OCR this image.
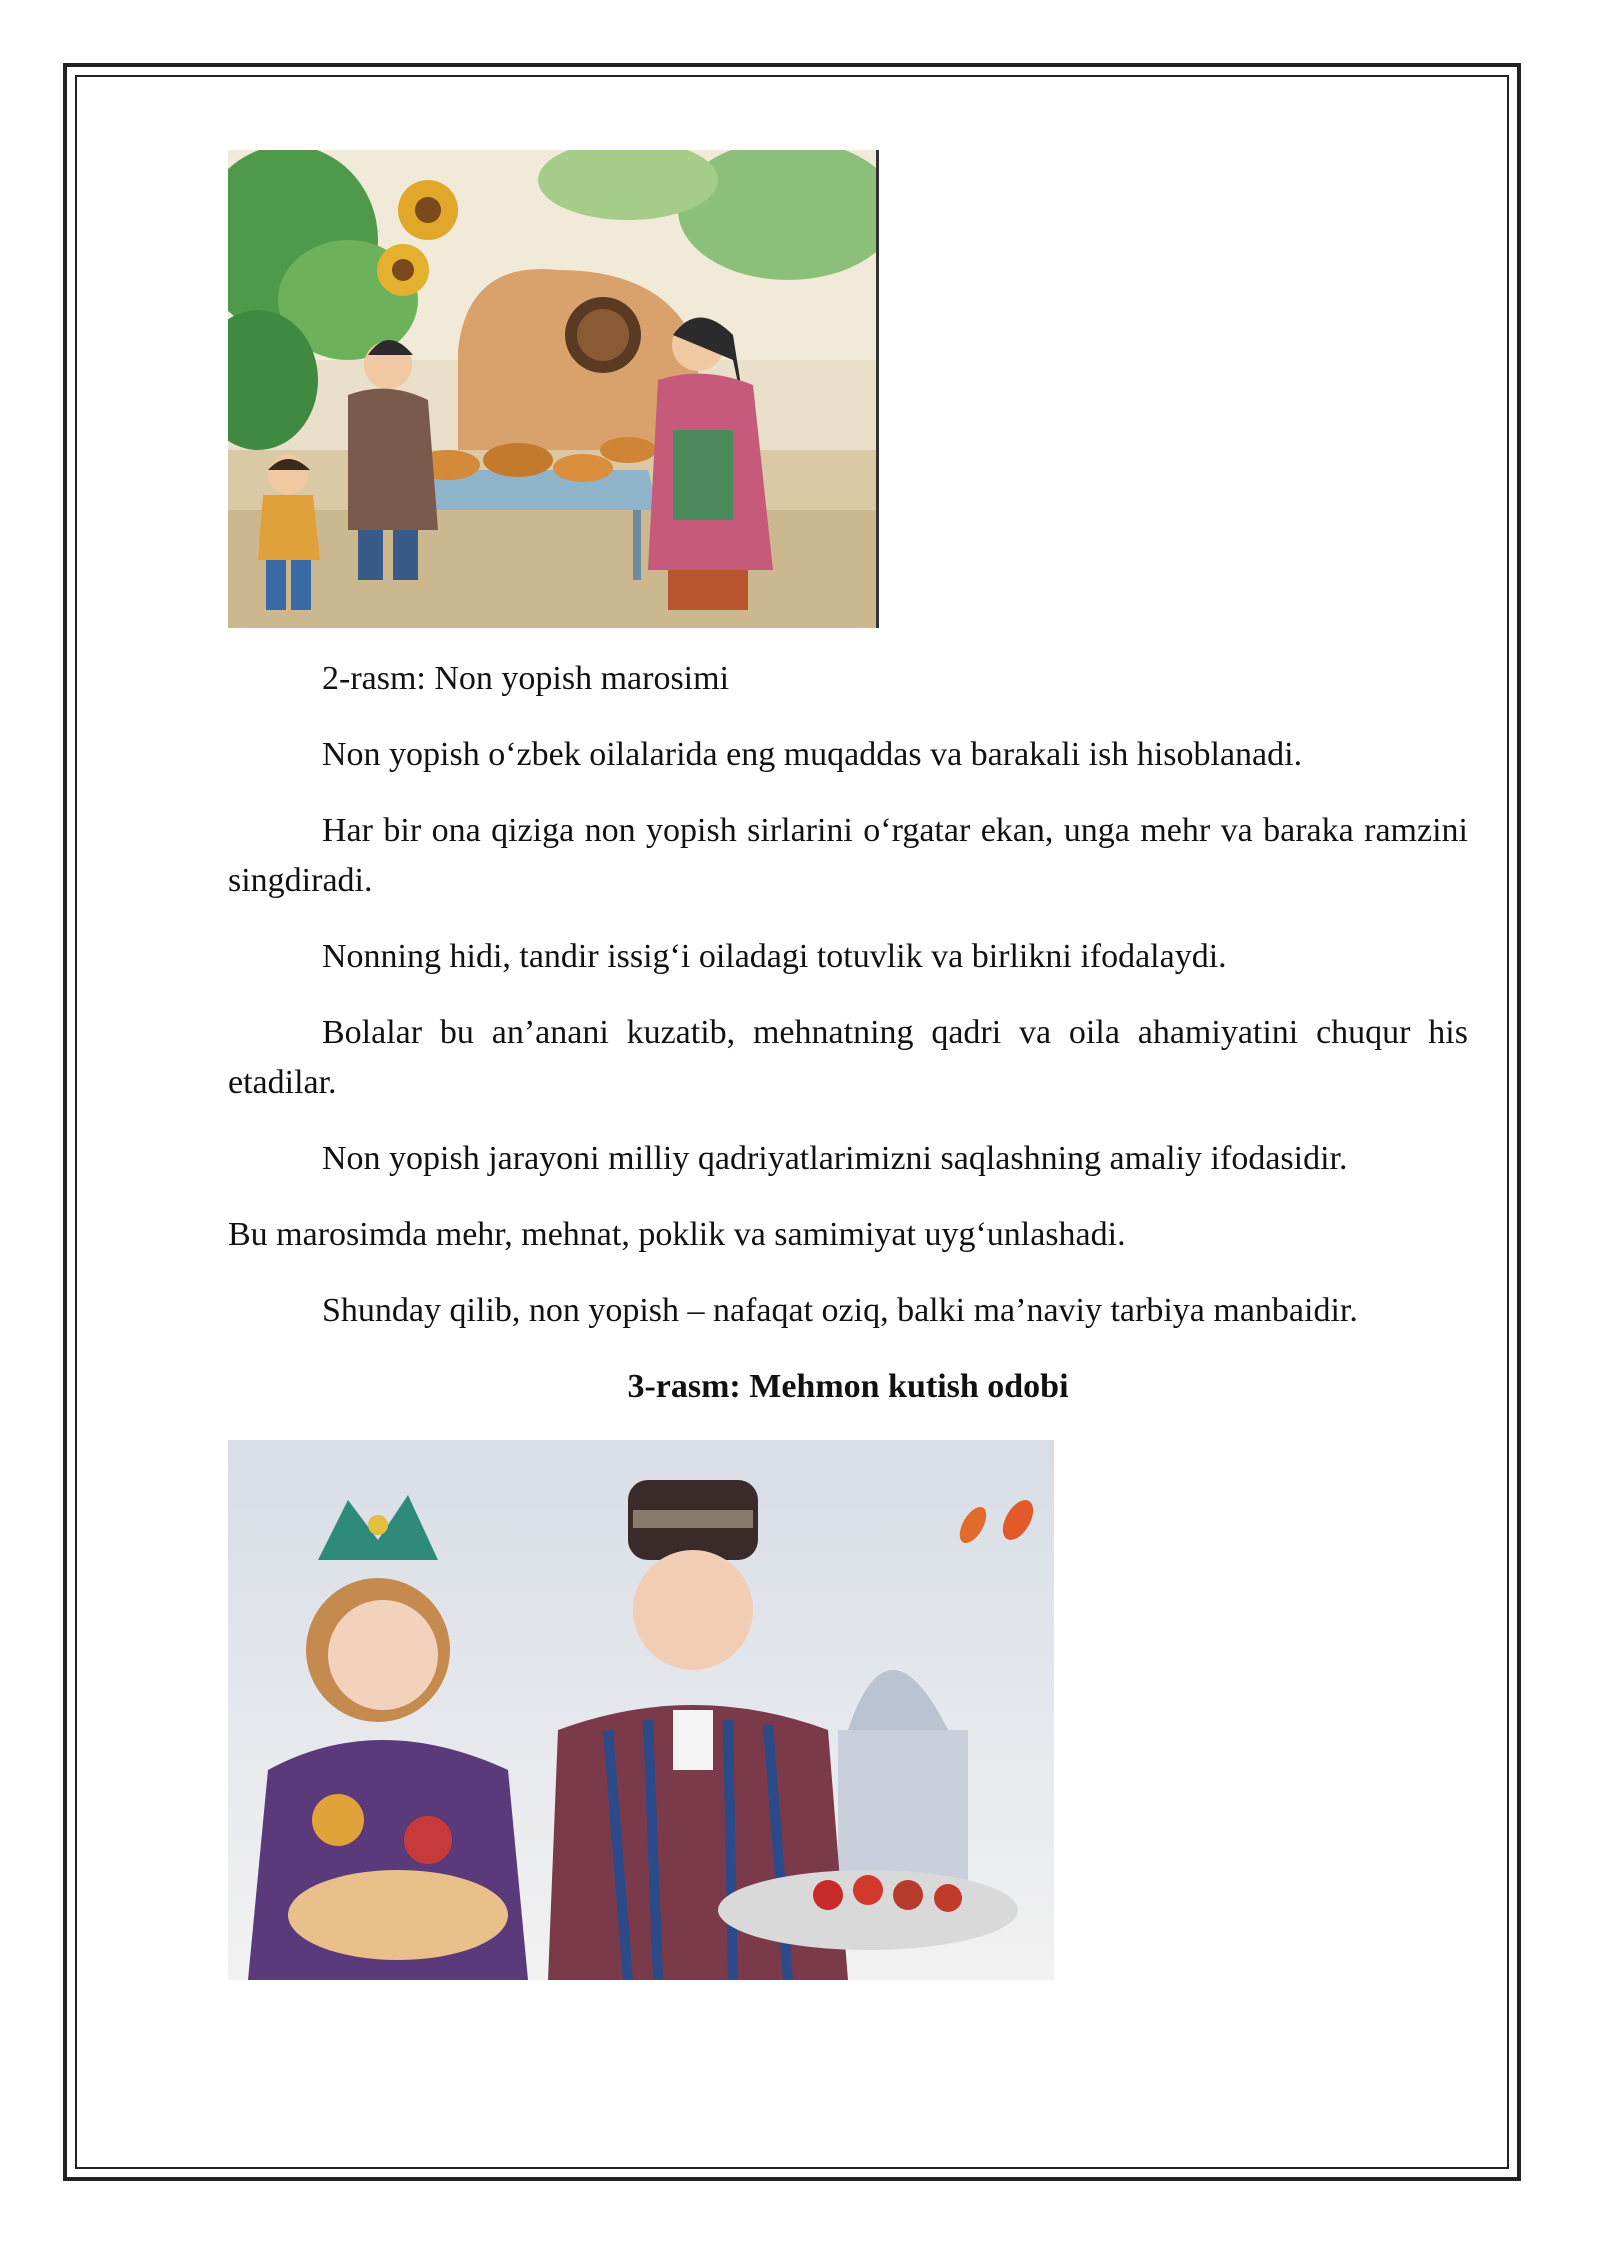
2-rasm: Non yopish marosimi

Non yopish o‘zbek oilalarida eng muqaddas va barakali ish hisoblanadi.

Har bir ona qiziga non yopish sirlarini o‘rgatar ekan, unga mehr va baraka ramzini singdiradi.

Nonning hidi, tandir issig‘i oiladagi totuvlik va birlikni ifodalaydi.

Bolalar bu an’anani kuzatib, mehnatning qadri va oila ahamiyatini chuqur his etadilar.

Non yopish jarayoni milliy qadriyatlarimizni saqlashning amaliy ifodasidir.

Bu marosimda mehr, mehnat, poklik va samimiyat uyg‘unlashadi.

Shunday qilib, non yopish – nafaqat oziq, balki ma’naviy tarbiya manbaidir.

3-rasm: Mehmon kutish odobi
